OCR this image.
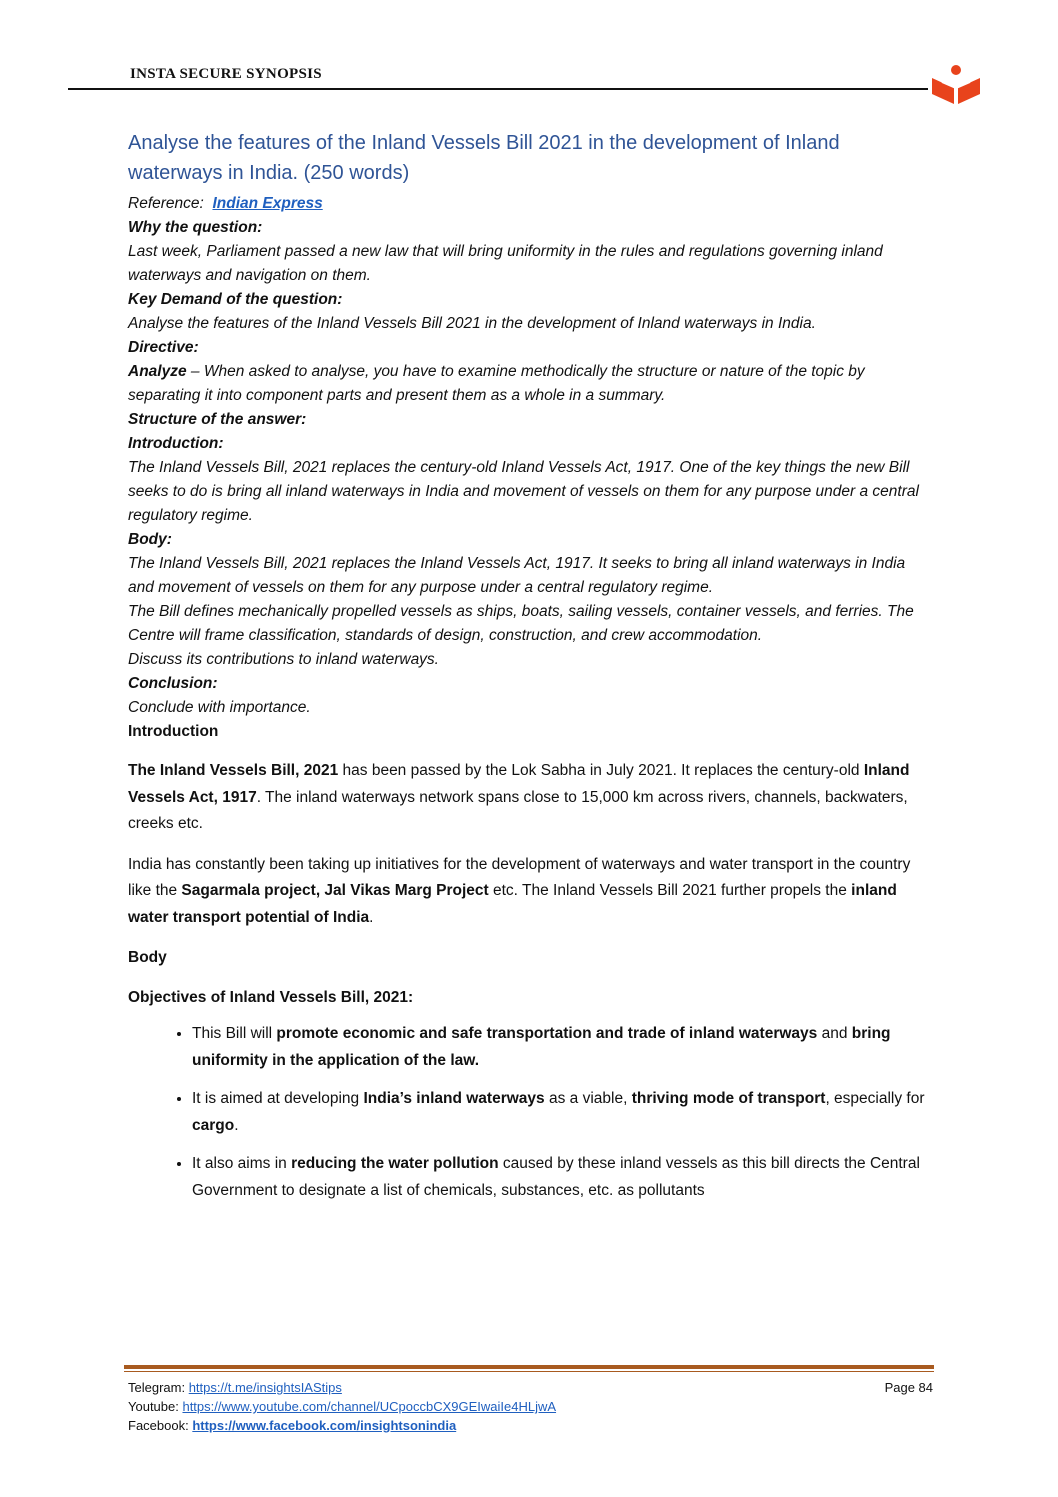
INSTA SECURE SYNOPSIS
Analyse the features of the Inland Vessels Bill 2021 in the development of Inland waterways in India. (250 words)
Reference: Indian Express
Why the question:
Last week, Parliament passed a new law that will bring uniformity in the rules and regulations governing inland waterways and navigation on them.
Key Demand of the question:
Analyse the features of the Inland Vessels Bill 2021 in the development of Inland waterways in India.
Directive:
Analyze – When asked to analyse, you have to examine methodically the structure or nature of the topic by separating it into component parts and present them as a whole in a summary.
Structure of the answer:
Introduction:
The Inland Vessels Bill, 2021 replaces the century-old Inland Vessels Act, 1917. One of the key things the new Bill seeks to do is bring all inland waterways in India and movement of vessels on them for any purpose under a central regulatory regime.
Body:
The Inland Vessels Bill, 2021 replaces the Inland Vessels Act, 1917. It seeks to bring all inland waterways in India and movement of vessels on them for any purpose under a central regulatory regime.
The Bill defines mechanically propelled vessels as ships, boats, sailing vessels, container vessels, and ferries. The Centre will frame classification, standards of design, construction, and crew accommodation.
Discuss its contributions to inland waterways.
Conclusion:
Conclude with importance.
Introduction
The Inland Vessels Bill, 2021 has been passed by the Lok Sabha in July 2021. It replaces the century-old Inland Vessels Act, 1917. The inland waterways network spans close to 15,000 km across rivers, channels, backwaters, creeks etc.
India has constantly been taking up initiatives for the development of waterways and water transport in the country like the Sagarmala project, Jal Vikas Marg Project etc. The Inland Vessels Bill 2021 further propels the inland water transport potential of India.
Body
Objectives of Inland Vessels Bill, 2021:
• This Bill will promote economic and safe transportation and trade of inland waterways and bring uniformity in the application of the law.
• It is aimed at developing India’s inland waterways as a viable, thriving mode of transport, especially for cargo.
• It also aims in reducing the water pollution caused by these inland vessels as this bill directs the Central Government to designate a list of chemicals, substances, etc. as pollutants
Telegram: https://t.me/insightsIAStips
Youtube: https://www.youtube.com/channel/UCpoccbCX9GEIwaiIe4HLjwA
Facebook: https://www.facebook.com/insightsonindia
Page 84
